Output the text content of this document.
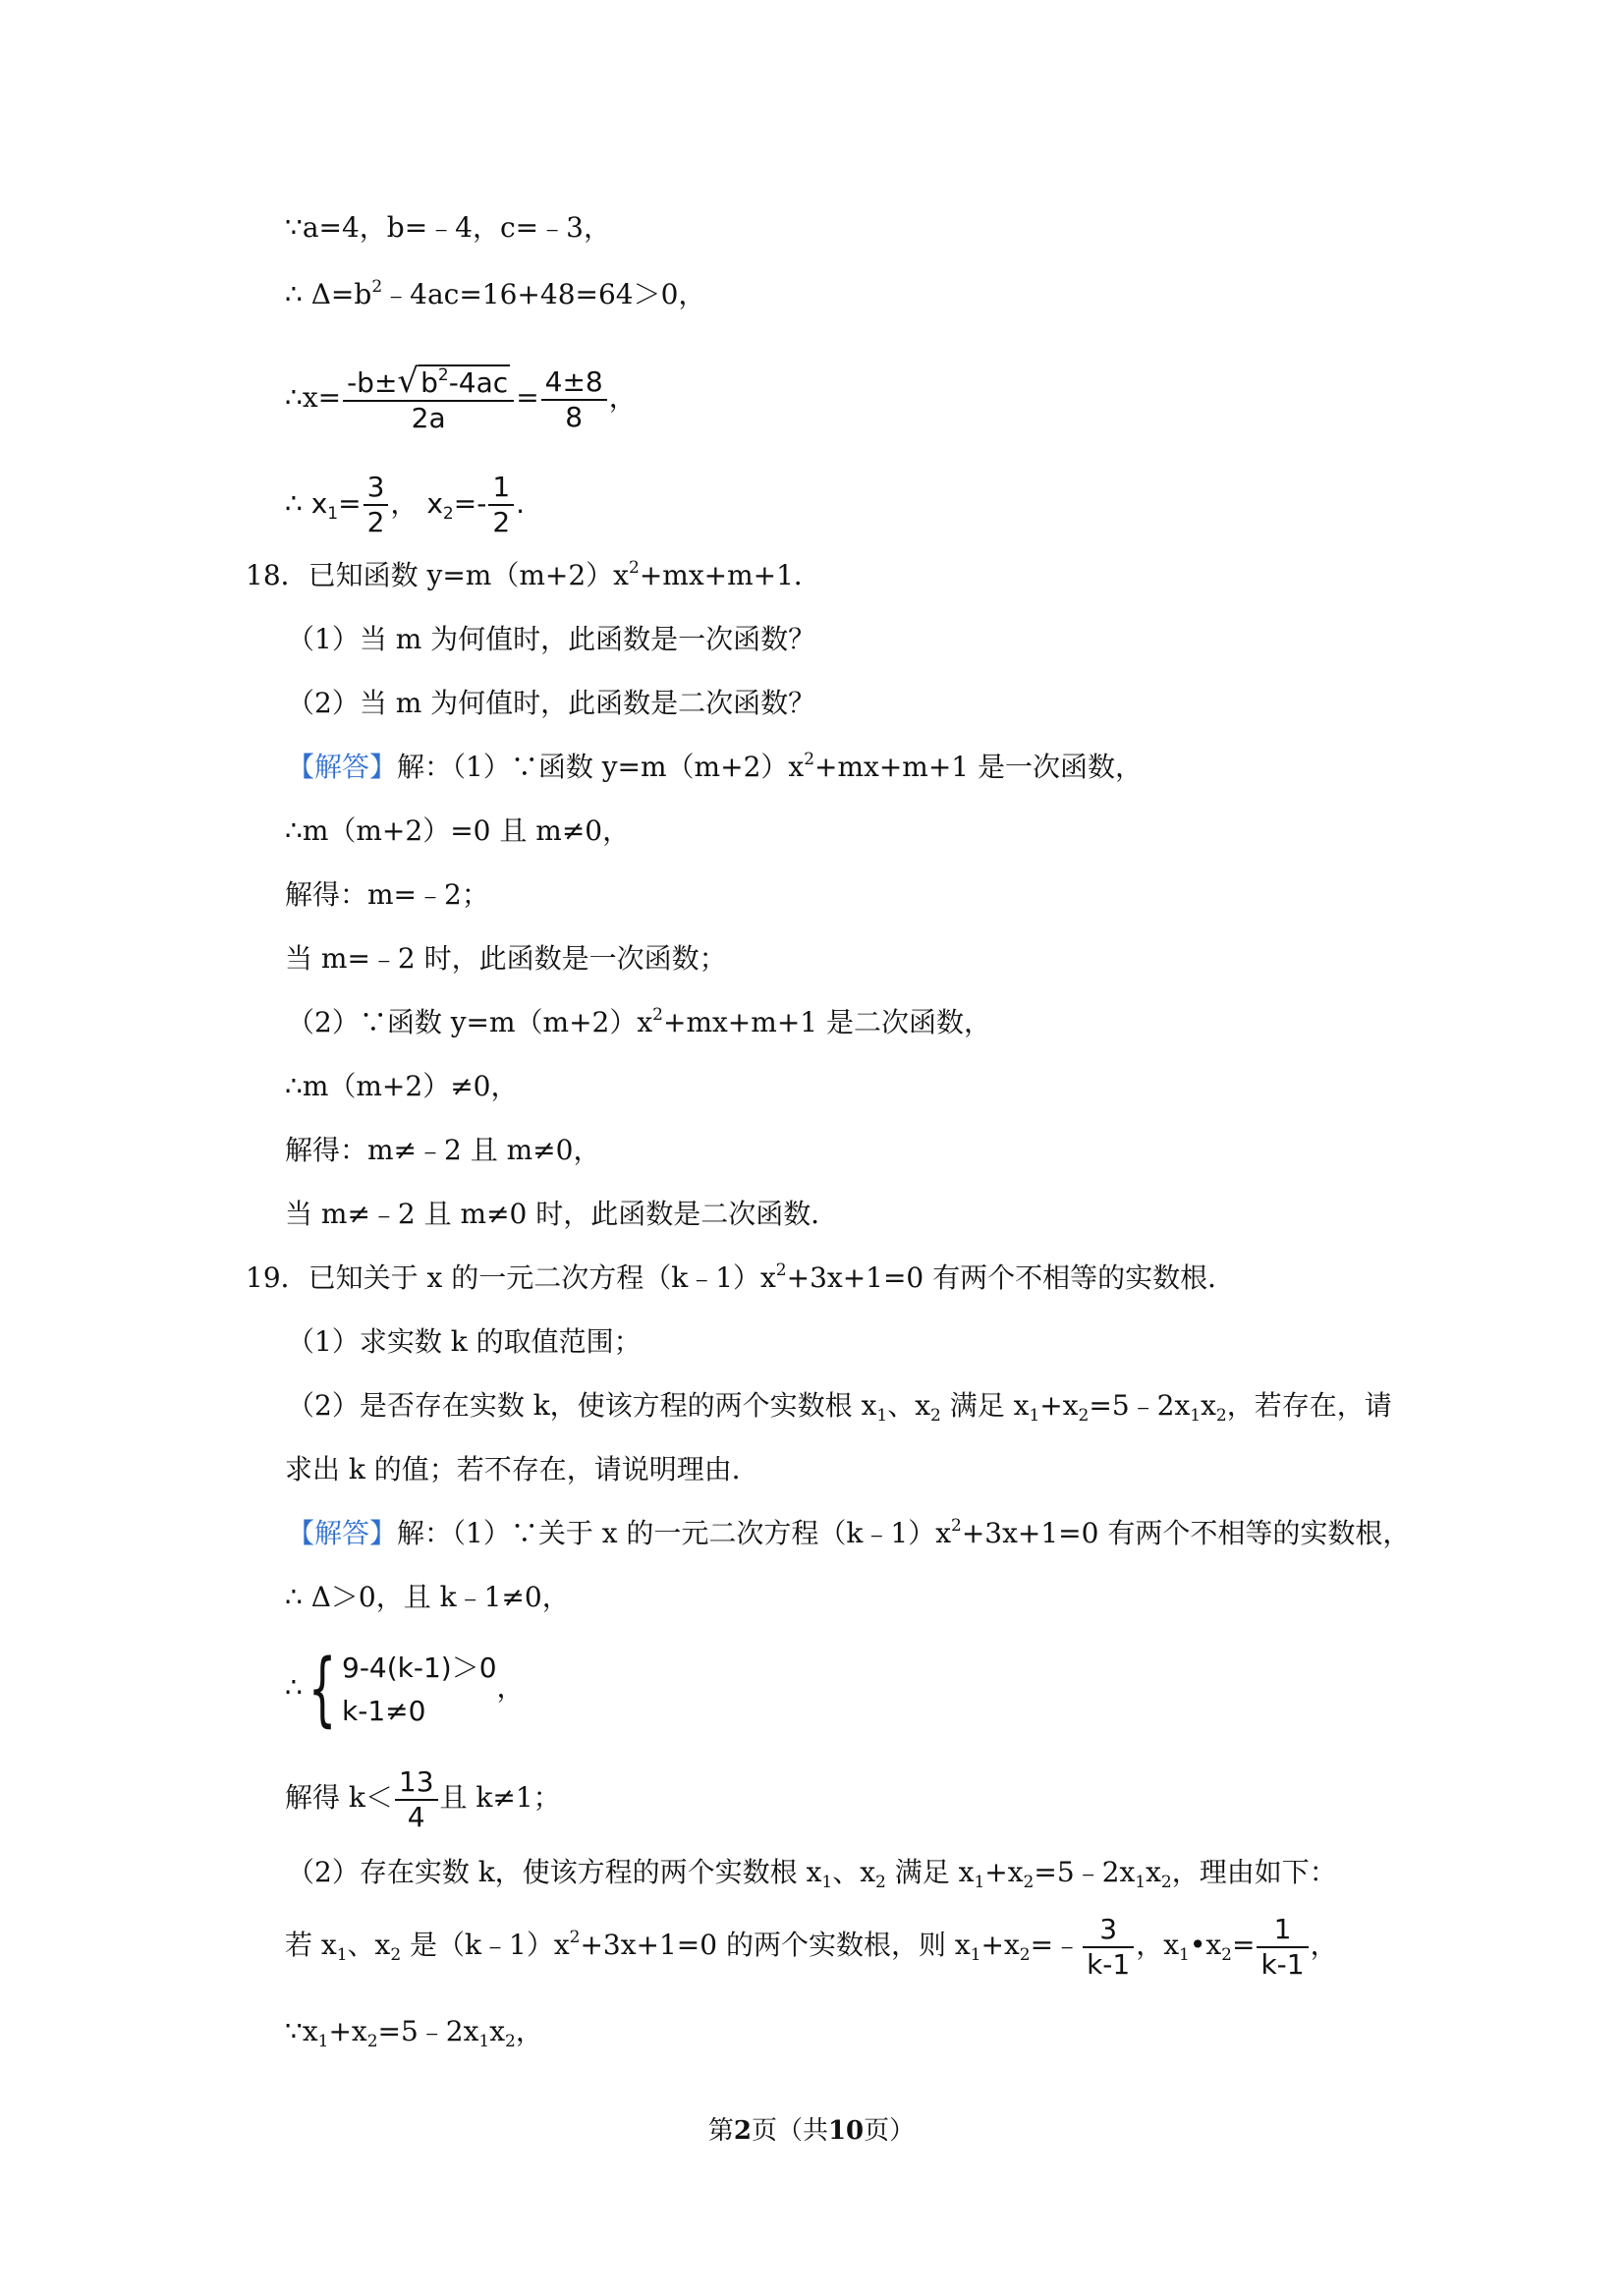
∵a=4，b=﹣4，c=﹣3，
∴ $\Delta=b^2﹣4ac=16+48=64>0$，
∴x= $\frac{-b\pm√b^2-4ac}{2a} = \frac{4\pm 8}{8}$ ，
∴ $x_1= \frac{3}{2}$ ， $x_2=- \frac{1}{2}$ .
18．已知函数 $y=m(m+2)x^2+mx+m+1$．
（1）当 m 为何值时，此函数是一次函数？
（2）当 m 为何值时，此函数是二次函数？
【解答】解：（1）∵函数 $y=m(m+2)x^2+mx+m+1$ 是一次函数，
∴m（m+2）=0 且 m≠0，
解得：m=﹣2；
当 m=﹣2 时，此函数是一次函数；
（2）∵函数 $y=m(m+2)x^2+mx+m+1$ 是二次函数，
∴m（m+2）≠0，
解得：m≠﹣2 且 m≠0，
当 m≠﹣2 且 m≠0 时，此函数是二次函数．
19．已知关于 x 的一元二次方程$(k﹣1)x^2+3x+1=0$ 有两个不相等的实数根．
（1）求实数 k 的取值范围；
（2）是否存在实数 k，使该方程的两个实数根 $x_1$、$x_2$ 满足 $x_1+x_2=5﹣2x_1x_2$，若存在，请
求出 k 的值；若不存在，请说明理由．
【解答】解：（1）∵关于 x 的一元二次方程$(k﹣1)x^2+3x+1=0$ 有两个不相等的实数根，
∴ Δ＞0，且 k﹣1≠0，
∴{ 9-4(k-1)＞0
k-1≠0
，
解得 $k< \frac{13}{4}$ 且 k≠1；
（2）存在实数 k，使该方程的两个实数根 $x_1$、$x_2$ 满足 $x_1+x_2=5﹣2x_1x_2$，理由如下：
若 $x_1$、$x_2$ 是$(k﹣1)x^2+3x+1=0$ 的两个实数根，则 $x_1+x_2=﹣ \frac{3}{k-1}$ ，$x_1•x_2= \frac{1}{k-1}$ ，
$\because x_1+x_2=5﹣2x_1x_2$，
第2页（共10页）
